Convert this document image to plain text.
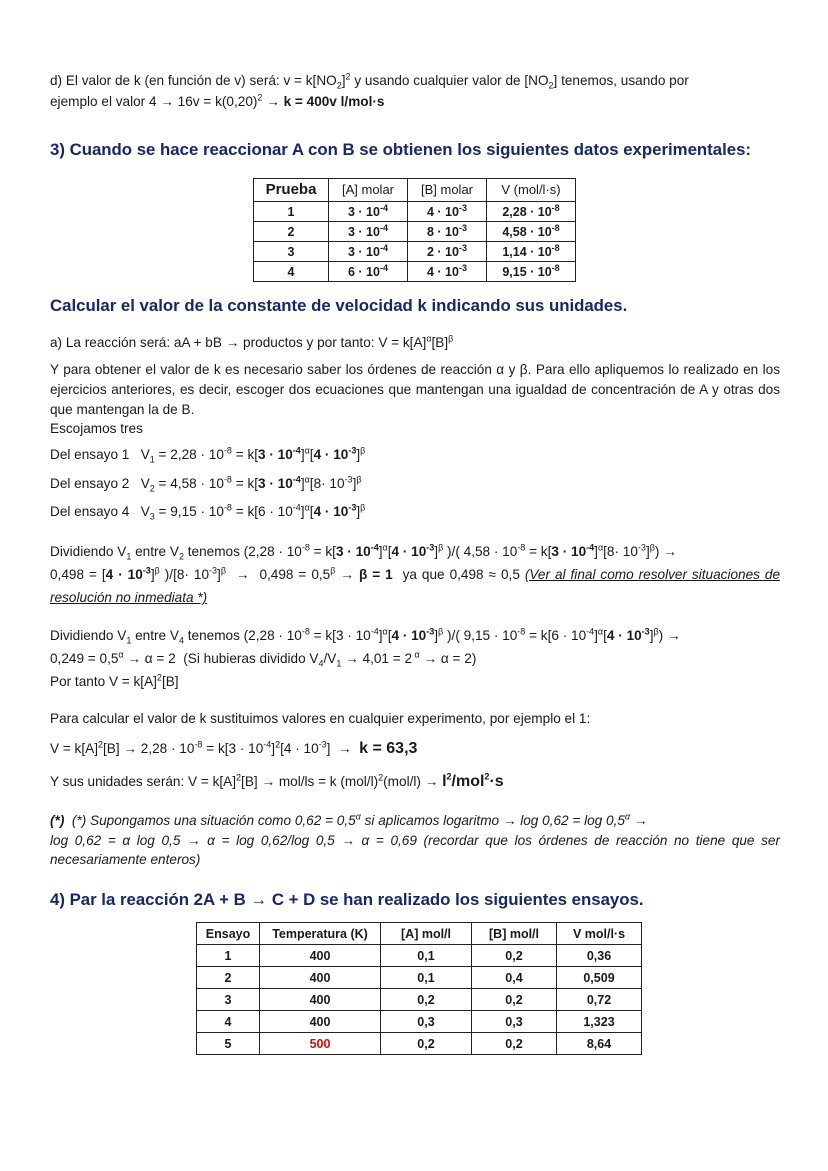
d) El valor de k (en función de v) será: $v = k[NO_2]^2$ y usando cualquier valor de $[NO_2]$ tenemos, usando por
ejemplo el valor $4 \to 16v = k(0,20)^2 \to k = 400v$ l/mol·s

3) Cuando se hace reaccionar A con B se obtienen los siguientes datos experimentales:

Prueba	[A] molar	[B] molar	V (mol/l·s)
1	$3 \cdot 10^{-4}$	$4 \cdot 10^{-3}$	$2,28 \cdot 10^{-8}$
2	$3 \cdot 10^{-4}$	$8 \cdot 10^{-3}$	$4,58 \cdot 10^{-8}$
3	$3 \cdot 10^{-4}$	$2 \cdot 10^{-3}$	$1,14 \cdot 10^{-8}$
4	$6 \cdot 10^{-4}$	$4 \cdot 10^{-3}$	$9,15 \cdot 10^{-8}$

Calcular el valor de la constante de velocidad k indicando sus unidades.

a) La reacción será: aA + bB → productos y por tanto: $V = k[A]^\alpha[B]^\beta$

Y para obtener el valor de k es necesario saber los órdenes de reacción α y β. Para ello apliquemos lo realizado en los ejercicios anteriores, es decir, escoger dos ecuaciones que mantengan una igualdad de concentración de A y otras dos que mantengan la de B.

Escojamos tres

Del ensayo 1   $V_1 = 2,28 \cdot 10^{-8} = k[3 \cdot 10^{-4}]^\alpha[4 \cdot 10^{-3}]^\beta$

Del ensayo 2   $V_2 = 4,58 \cdot 10^{-8} = k[3 \cdot 10^{-4}]^\alpha[8\cdot 10^{-3}]^\beta$

Del ensayo 4   $V_3 = 9,15 \cdot 10^{-8} = k[6 \cdot 10^{-4}]^\alpha[4 \cdot 10^{-3}]^\beta$

Dividiendo $V_1$ entre $V_2$ tenemos ($2,28 \cdot 10^{-8} = k[3 \cdot 10^{-4}]^\alpha[4 \cdot 10^{-3}]^\beta$ )/( $4,58 \cdot 10^{-8} = k[3 \cdot 10^{-4}]^\alpha[8\cdot 10^{-3}]^\beta$) →
$0,498 = [4 \cdot 10^{-3}]^\beta$ )$/[8\cdot 10^{-3}]^\beta \to 0,498 = 0,5^\beta \to \beta = 1$  ya que 0,498 ≈ 0,5 (Ver al final como resolver situaciones de resolución no inmediata *)

Dividiendo $V_1$ entre $V_4$ tenemos ($2,28 \cdot 10^{-8} = k[3 \cdot 10^{-4}]^\alpha[4 \cdot 10^{-3}]^\beta$ )/( $9,15 \cdot 10^{-8} = k[6 \cdot 10^{-4}]^\alpha[4 \cdot 10^{-3}]^\beta$) →
$0,249 = 0,5^\alpha \to \alpha = 2$  (Si hubieras dividido $V_4/V_1 \to 4,01 = 2$ $^\alpha$ → α = 2)
Por tanto $V = k[A]^2[B]$

Para calcular el valor de k sustituimos valores en cualquier experimento, por ejemplo el 1:

$V = k[A]^2[B] \to 2,28 \cdot 10^{-8} = k[3 \cdot 10^{-4}]^2[4 \cdot 10^{-3}] \to k = 63,3$

Y sus unidades serán: $V = k[A]^2[B] \to mol/ls = k$ $(mol/l)^2(mol/l) \to l^2/mol^2\cdot s$

(*) (*) Supongamos una situación como $0,62 = 0,5^\alpha$ si aplicamos logaritmo → $\log 0,62 = \log 0,5^\alpha$ →
log 0,62 = α log 0,5 → α = log 0,62/log 0,5 → α = 0,69 (recordar que los órdenes de reacción no tiene que ser necesariamente enteros)

4) Par la reacción 2A + B → C + D se han realizado los siguientes ensayos.

Ensayo	Temperatura (K)	[A] mol/l	[B] mol/l	V mol/l·s
1	400	0,1	0,2	0,36
2	400	0,1	0,4	0,509
3	400	0,2	0,2	0,72
4	400	0,3	0,3	1,323
5	500	0,2	0,2	8,64
